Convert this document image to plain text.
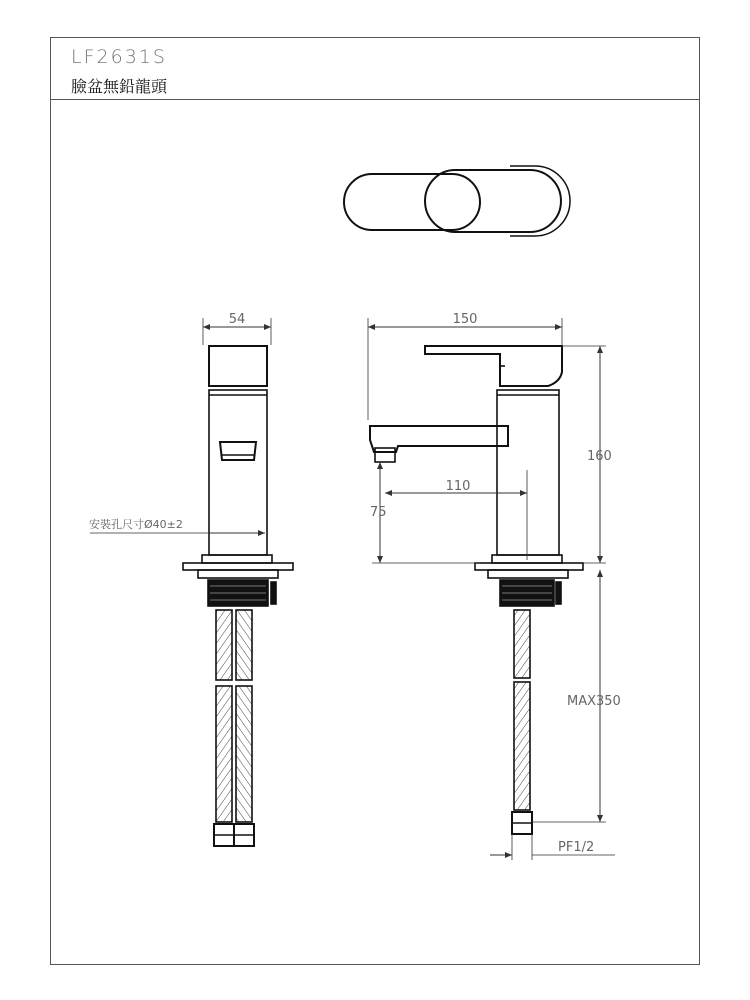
LF2631S
臉盆無鉛龍頭
54
安裝孔尺寸Ø40±2
150
160
110
75
MAX350
PF1/2
